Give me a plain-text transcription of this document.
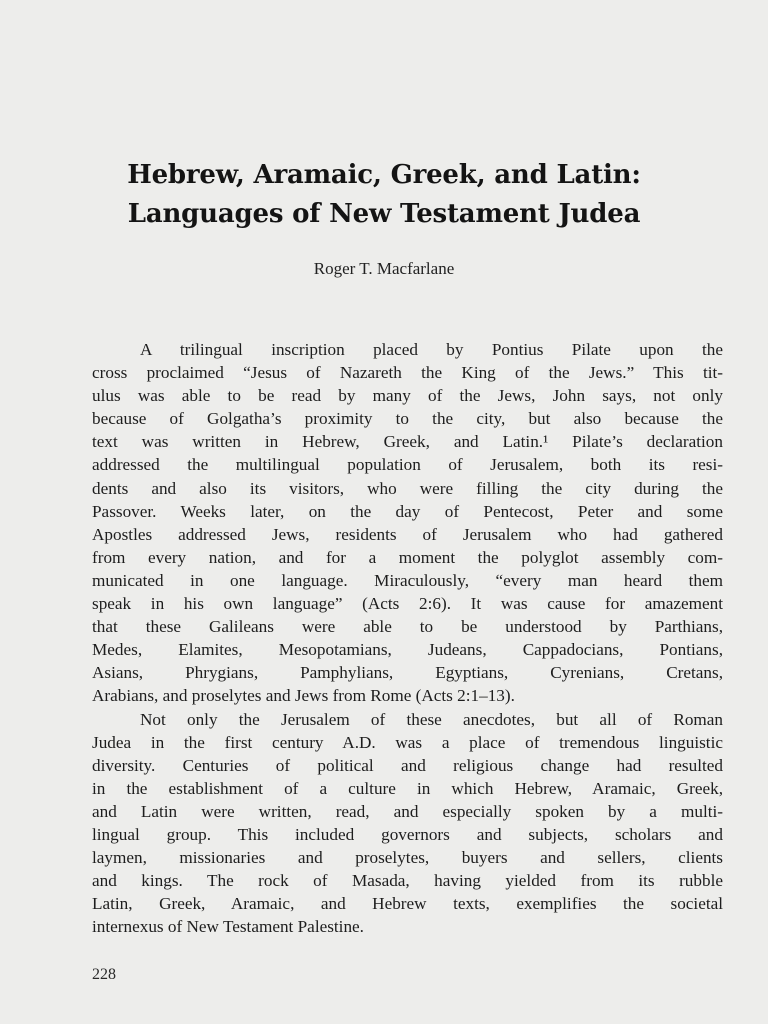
Hebrew, Aramaic, Greek, and Latin:
Languages of New Testament Judea
Roger T. Macfarlane
A trilingual inscription placed by Pontius Pilate upon the
cross proclaimed “Jesus of Nazareth the King of the Jews.” This tit-
ulus was able to be read by many of the Jews, John says, not only
because of Golgatha’s proximity to the city, but also because the
text was written in Hebrew, Greek, and Latin.¹ Pilate’s declaration
addressed the multilingual population of Jerusalem, both its resi-
dents and also its visitors, who were filling the city during the
Passover. Weeks later, on the day of Pentecost, Peter and some
Apostles addressed Jews, residents of Jerusalem who had gathered
from every nation, and for a moment the polyglot assembly com-
municated in one language. Miraculously, “every man heard them
speak in his own language” (Acts 2:6). It was cause for amazement
that these Galileans were able to be understood by Parthians,
Medes, Elamites, Mesopotamians, Judeans, Cappadocians, Pontians,
Asians, Phrygians, Pamphylians, Egyptians, Cyrenians, Cretans,
Arabians, and proselytes and Jews from Rome (Acts 2:1–13).
Not only the Jerusalem of these anecdotes, but all of Roman
Judea in the first century A.D. was a place of tremendous linguistic
diversity. Centuries of political and religious change had resulted
in the establishment of a culture in which Hebrew, Aramaic, Greek,
and Latin were written, read, and especially spoken by a multi-
lingual group. This included governors and subjects, scholars and
laymen, missionaries and proselytes, buyers and sellers, clients
and kings. The rock of Masada, having yielded from its rubble
Latin, Greek, Aramaic, and Hebrew texts, exemplifies the societal
internexus of New Testament Palestine.
228
